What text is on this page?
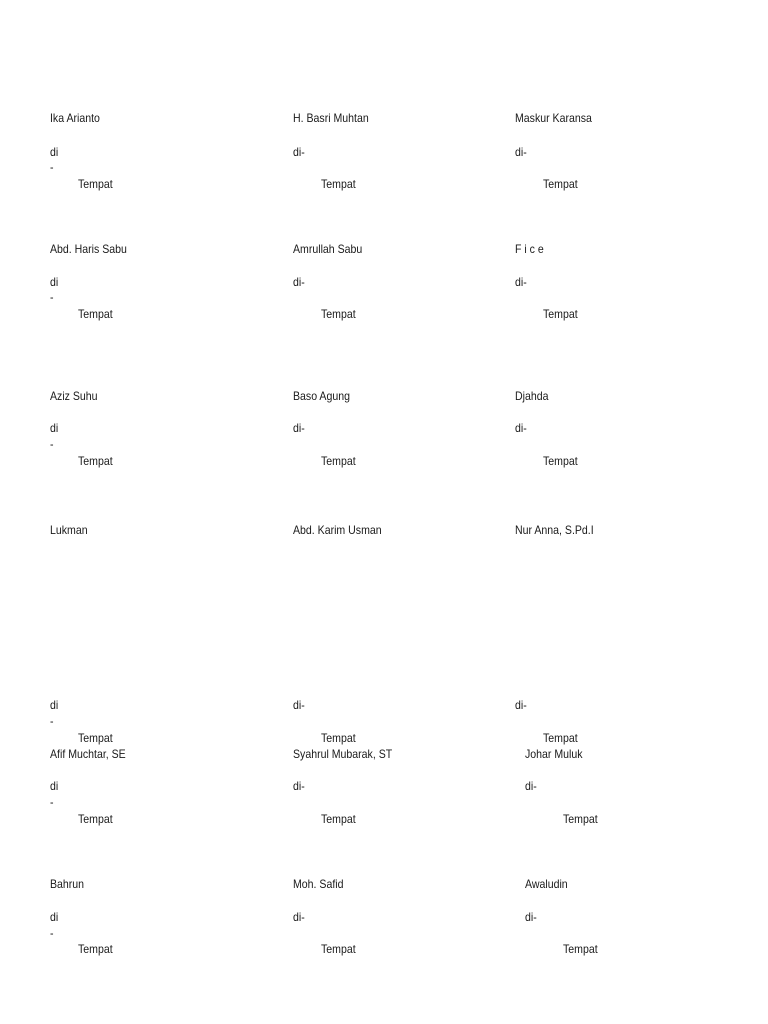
Ika Arianto
di
-
Tempat
H. Basri Muhtan
di-
Tempat
Maskur Karansa
di-
Tempat
Abd. Haris Sabu
di
-
Tempat
Amrullah Sabu
di-
Tempat
F i c e
di-
Tempat
Aziz Suhu
di
-
Tempat
Baso Agung
di-
Tempat
Djahda
di-
Tempat
Lukman
di
-
Tempat
Abd. Karim Usman
di-
Tempat
Nur Anna, S.Pd.I
di-
Tempat
Afif Muchtar, SE
di
-
Tempat
Syahrul Mubarak, ST
di-
Tempat
Johar Muluk
di-
Tempat
Bahrun
di
-
Tempat
Moh. Safid
di-
Tempat
Awaludin
di-
Tempat
